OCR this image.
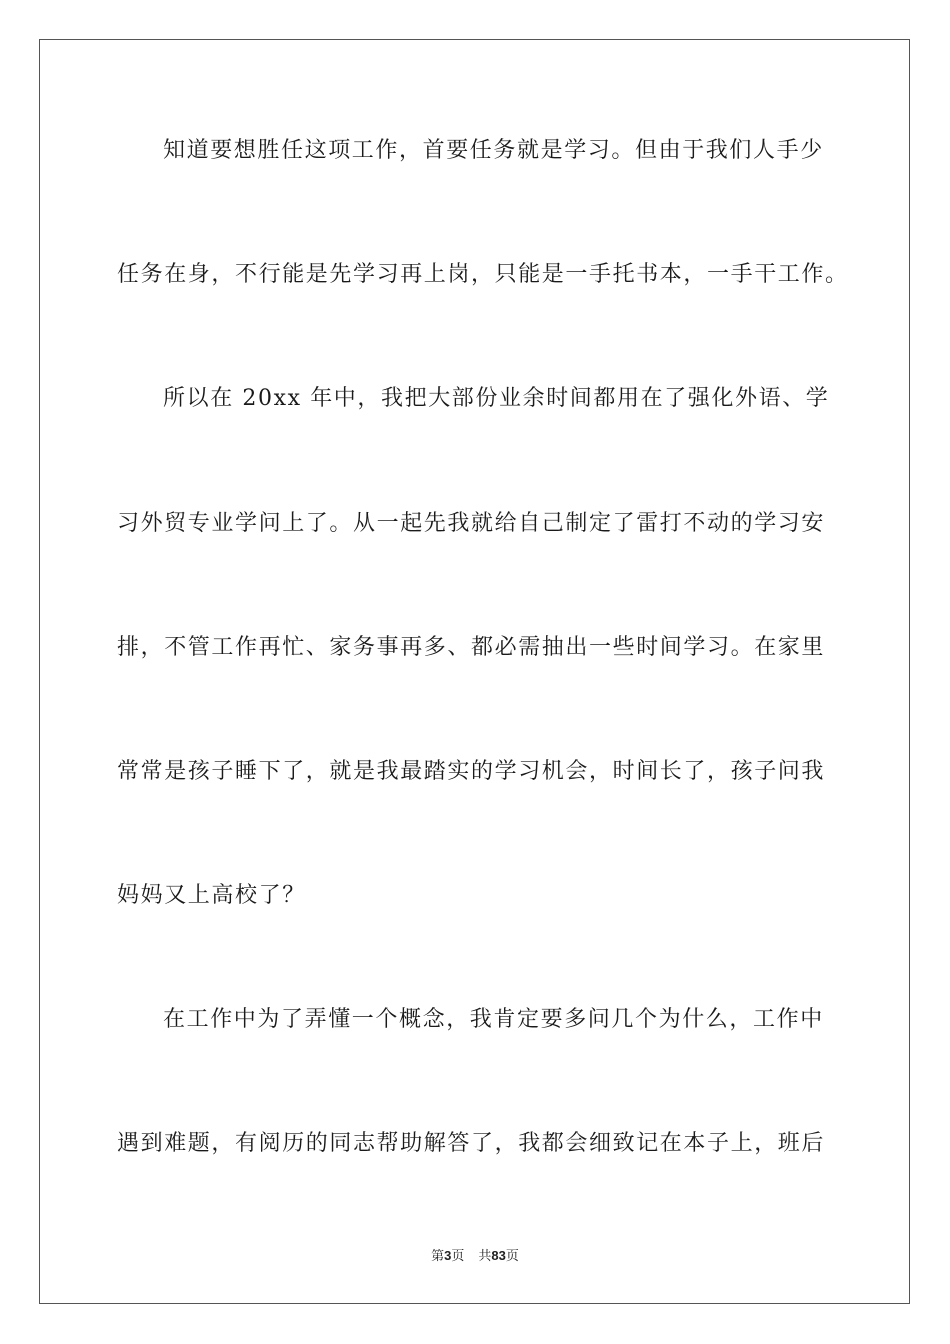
知道要想胜任这项工作，首要任务就是学习。但由于我们人手少
任务在身，不行能是先学习再上岗，只能是一手托书本，一手干工作。
所以在 20xx 年中，我把大部份业余时间都用在了强化外语、学
习外贸专业学问上了。从一起先我就给自己制定了雷打不动的学习安
排，不管工作再忙、家务事再多、都必需抽出一些时间学习。在家里
常常是孩子睡下了，就是我最踏实的学习机会，时间长了，孩子问我
妈妈又上高校了？
在工作中为了弄懂一个概念，我肯定要多问几个为什么，工作中
遇到难题，有阅历的同志帮助解答了，我都会细致记在本子上，班后
第3页 共83页
